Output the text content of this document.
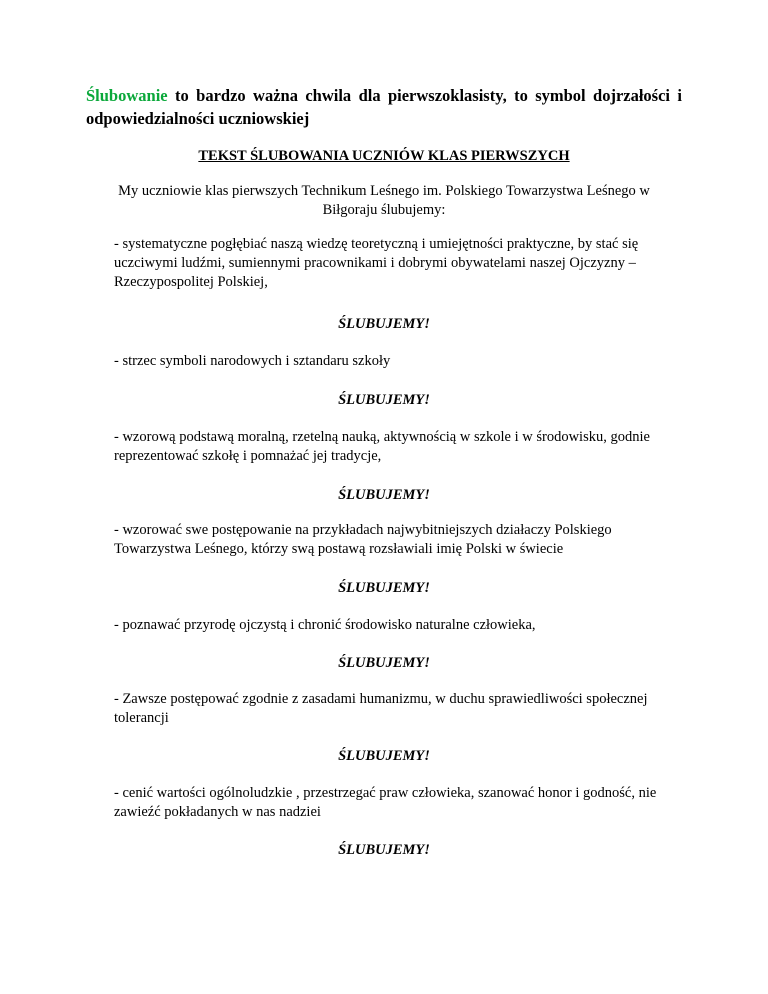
Ślubowanie to bardzo ważna chwila dla pierwszoklasisty, to symbol dojrzałości i odpowiedzialności uczniowskiej

TEKST ŚLUBOWANIA UCZNIÓW KLAS PIERWSZYCH
My uczniowie klas pierwszych Technikum Leśnego im. Polskiego Towarzystwa Leśnego w Biłgoraju ślubujemy:
- systematyczne pogłębiać naszą wiedzę teoretyczną i umiejętności praktyczne, by stać się uczciwymi ludźmi, sumiennymi pracownikami i dobrymi obywatelami naszej Ojczyzny – Rzeczypospolitej Polskiej,
ŚLUBUJEMY!
- strzec symboli narodowych i sztandaru szkoły
ŚLUBUJEMY!
- wzorową podstawą moralną, rzetelną nauką, aktywnością w szkole i w środowisku, godnie reprezentować szkołę i pomnażać jej tradycje,
ŚLUBUJEMY!
- wzorować swe postępowanie na przykładach najwybitniejszych działaczy Polskiego Towarzystwa Leśnego, którzy swą postawą rozsławiali imię Polski w świecie
ŚLUBUJEMY!
- poznawać przyrodę ojczystą i chronić środowisko naturalne człowieka,
ŚLUBUJEMY!
- Zawsze postępować zgodnie z zasadami humanizmu, w duchu sprawiedliwości społecznej tolerancji
ŚLUBUJEMY!
- cenić wartości ogólnoludzkie , przestrzegać praw człowieka, szanować honor i godność, nie zawieźć pokładanych w nas nadziei
ŚLUBUJEMY!
